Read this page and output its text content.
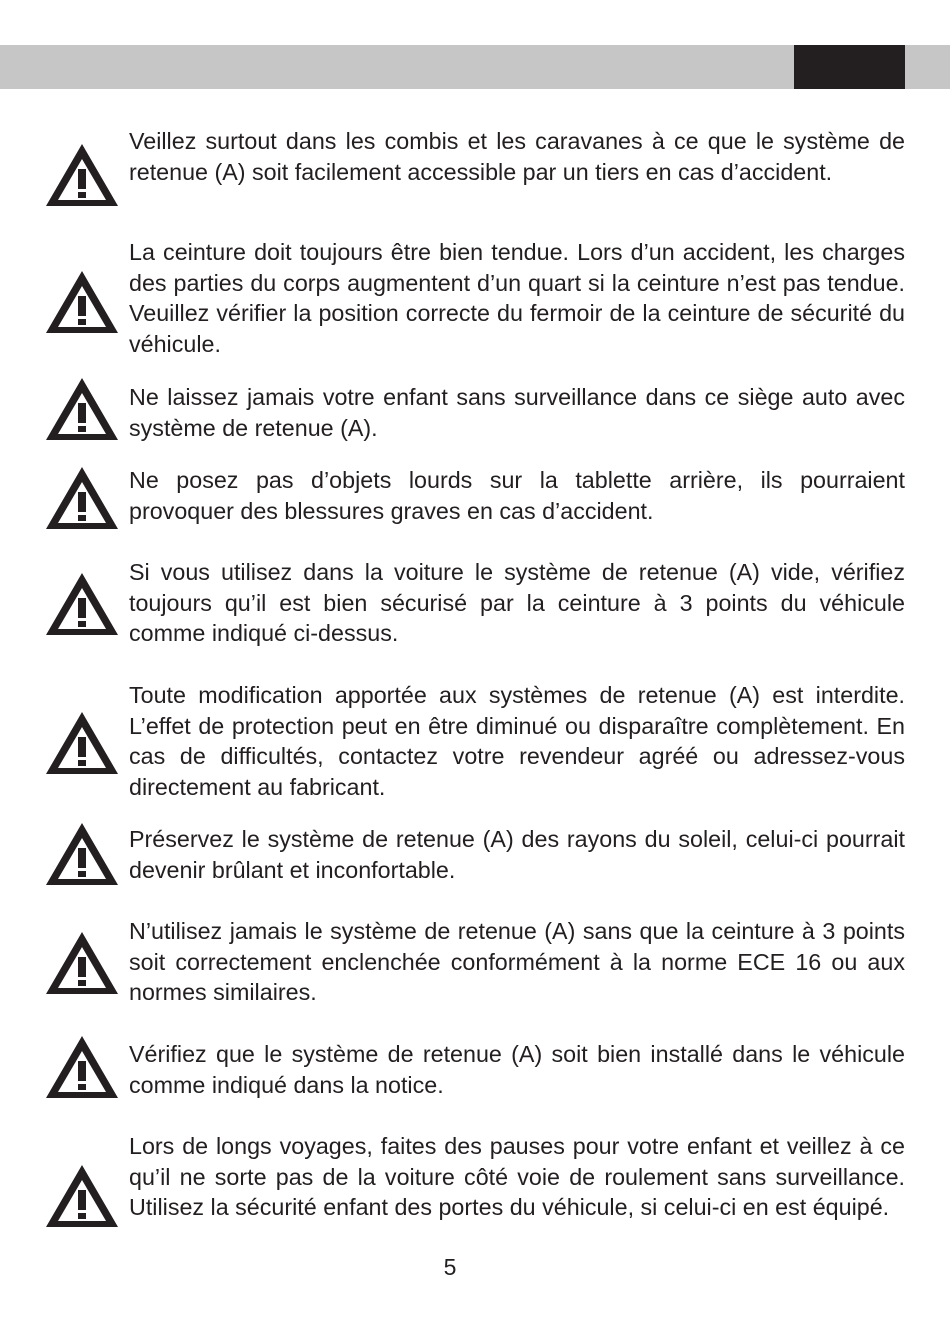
Veillez surtout dans les combis et les caravanes à ce que le système de retenue (A) soit facilement accessible par un tiers en cas d’accident.

La ceinture doit toujours être bien tendue. Lors d’un accident, les charges des parties du corps augmentent d’un quart si la ceinture n’est pas tendue. Veuillez vérifier la position correcte du fermoir de la ceinture de sécurité du véhicule.

Ne laissez jamais votre enfant sans surveillance dans ce siège auto avec système de retenue (A).

Ne posez pas d’objets lourds sur la tablette arrière, ils pourraient provoquer des blessures graves en cas d’accident.

Si vous utilisez dans la voiture le système de retenue (A) vide, vérifiez toujours qu’il est bien sécurisé par la ceinture à 3 points du véhicule comme indiqué ci-dessus.

Toute modification apportée aux systèmes de retenue (A) est interdite. L’effet de protection peut en être diminué ou disparaître complètement. En cas de difficultés, contactez votre revendeur agréé ou adressez-vous directement au fabricant.

Préservez le système de retenue (A) des rayons du soleil, celui-ci pourrait devenir brûlant et inconfortable.

N’utilisez jamais le système de retenue (A) sans que la ceinture à 3 points soit correctement enclenchée conformément à la norme ECE 16 ou aux normes similaires.

Vérifiez que le système de retenue (A) soit bien installé dans le véhicule comme indiqué dans la notice.

Lors de longs voyages, faites des pauses pour votre enfant et veillez à ce qu’il ne sorte pas de la voiture côté voie de roulement sans surveillance. Utilisez la sécurité enfant des portes du véhicule, si celui-ci en est équipé.

5
